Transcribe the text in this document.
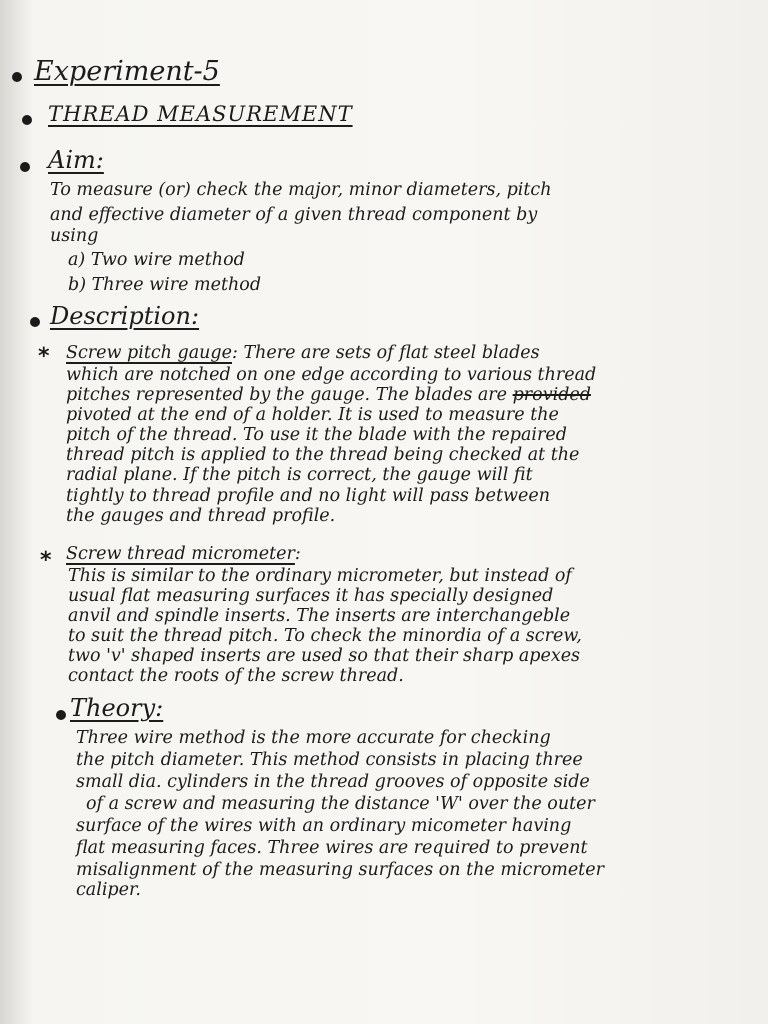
Experiment-5
THREAD MEASUREMENT
Aim:
To measure (or) check the major, minor diameters, pitch
and effective diameter of a given thread component by
using
a) Two wire method
b) Three wire method
Description:
* Screw pitch gauge: There are sets of flat steel blades
which are notched on one edge according to various thread
pitches represented by the gauge. The blades are provided
pivoted at the end of a holder. It is used to measure the
pitch of the thread. To use it the blade with the repaired
thread pitch is applied to the thread being checked at the
radial plane. If the pitch is correct, the gauge will fit
tightly to thread profile and no light will pass between
the gauges and thread profile.
* Screw thread micrometer:
This is similar to the ordinary micrometer, but instead of
usual flat measuring surfaces it has specially designed
anvil and spindle inserts. The inserts are interchangeble
to suit the thread pitch. To check the minordia of a screw,
two 'v' shaped inserts are used so that their sharp apexes
contact the roots of the screw thread.
Theory:
Three wire method is the more accurate for checking
the pitch diameter. This method consists in placing three
small dia. cylinders in the thread grooves of opposite side
of a screw and measuring the distance 'W' over the outer
surface of the wires with an ordinary micometer having
flat measuring faces. Three wires are required to prevent
misalignment of the measuring surfaces on the micrometer
caliper.
